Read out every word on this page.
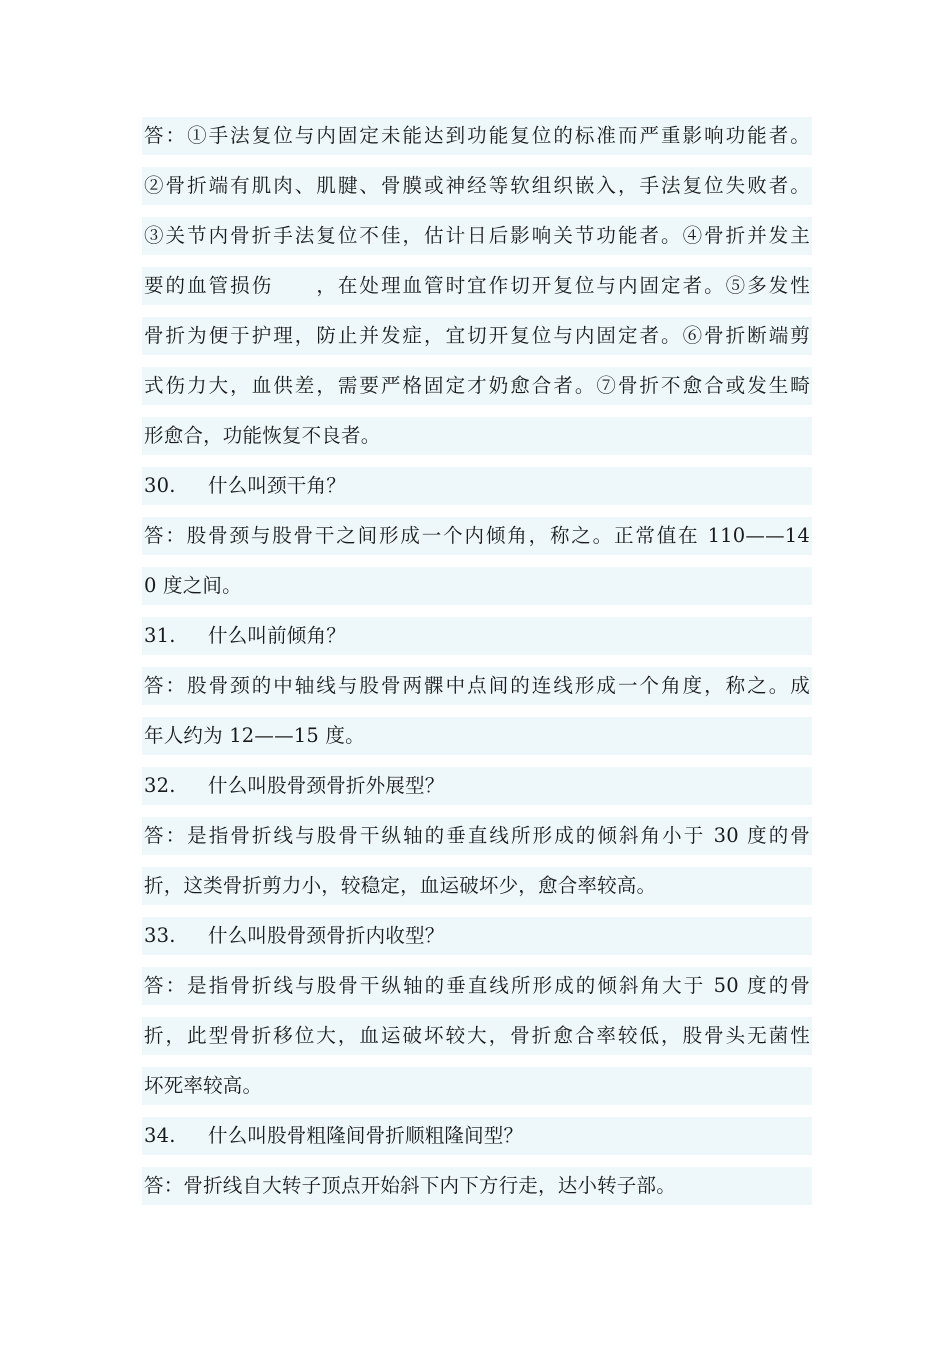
答：①手法复位与内固定未能达到功能复位的标准而严重影响功能者。
②骨折端有肌肉、肌腱、骨膜或神经等软组织嵌入，手法复位失败者。
③关节内骨折手法复位不佳，估计日后影响关节功能者。④骨折并发主
要的血管损伤　　，在处理血管时宜作切开复位与内固定者。⑤多发性
骨折为便于护理，防止并发症，宜切开复位与内固定者。⑥骨折断端剪
式伤力大，血供差，需要严格固定才奶愈合者。⑦骨折不愈合或发生畸
形愈合，功能恢复不良者。
30. 什么叫颈干角？
答：股骨颈与股骨干之间形成一个内倾角，称之。正常值在 110——14
0 度之间。
31. 什么叫前倾角？
答：股骨颈的中轴线与股骨两髁中点间的连线形成一个角度，称之。成
年人约为 12——15 度。
32. 什么叫股骨颈骨折外展型？
答：是指骨折线与股骨干纵轴的垂直线所形成的倾斜角小于 30 度的骨
折，这类骨折剪力小，较稳定，血运破坏少，愈合率较高。
33. 什么叫股骨颈骨折内收型？
答：是指骨折线与股骨干纵轴的垂直线所形成的倾斜角大于 50 度的骨
折，此型骨折移位大，血运破坏较大，骨折愈合率较低，股骨头无菌性
坏死率较高。
34. 什么叫股骨粗隆间骨折顺粗隆间型？
答：骨折线自大转子顶点开始斜下内下方行走，达小转子部。
